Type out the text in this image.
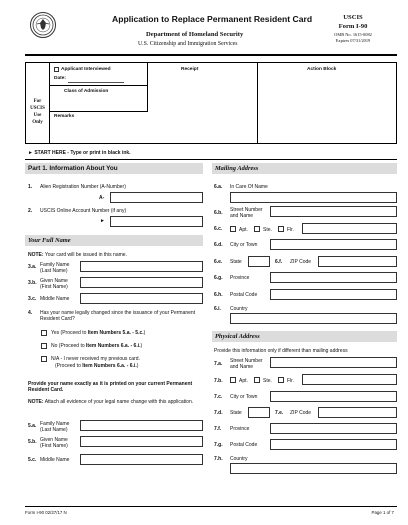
Application to Replace Permanent Resident Card
Department of Homeland Security
U.S. Citizenship and Immigration Services
USCIS
Form I-90
OMB No. 1615-0082
Expires 07/31/2019
For
USCIS
Use
Only
Applicant Interviewed
Date:
Class of Admission
Remarks
Receipt	Action Block
► START HERE - Type or print in black ink.
Part 1. Information About You
1. Alien Registration Number (A-Number)
A-
2. USCIS Online Account Number (if any)
►
Your Full Name
NOTE: Your card will be issued in this name.
3.a. Family Name (Last Name)
3.b. Given Name (First Name)
3.c. Middle Name
4. Has your name legally changed since the issuance of your Permanent Resident Card?
Yes (Proceed to Item Numbers 5.a. - 5.c.)
No (Proceed to Item Numbers 6.a. - 6.i.)
N/A - I never received my previous card.
(Proceed to Item Numbers 6.a. - 6.i.)
Provide your name exactly as it is printed on your current Permanent Resident Card.
NOTE: Attach all evidence of your legal name change with this application.
5.a. Family Name (Last Name)
5.b. Given Name (First Name)
5.c. Middle Name
Mailing Address
6.a. In Care Of Name
6.b. Street Number and Name
6.c.	Apt.	Ste.	Flr.
6.d. City or Town
6.e. State	6.f. ZIP Code
6.g. Province
6.h. Postal Code
6.i. Country
Physical Address
Provide this information only if different than mailing address
7.a. Street Number and Name
7.b.	Apt.	Ste.	Flr.
7.c. City or Town
7.d. State	7.e. ZIP Code
7.f. Province
7.g. Postal Code
7.h. Country
Form I-90 02/27/17 N	Page 1 of 7
